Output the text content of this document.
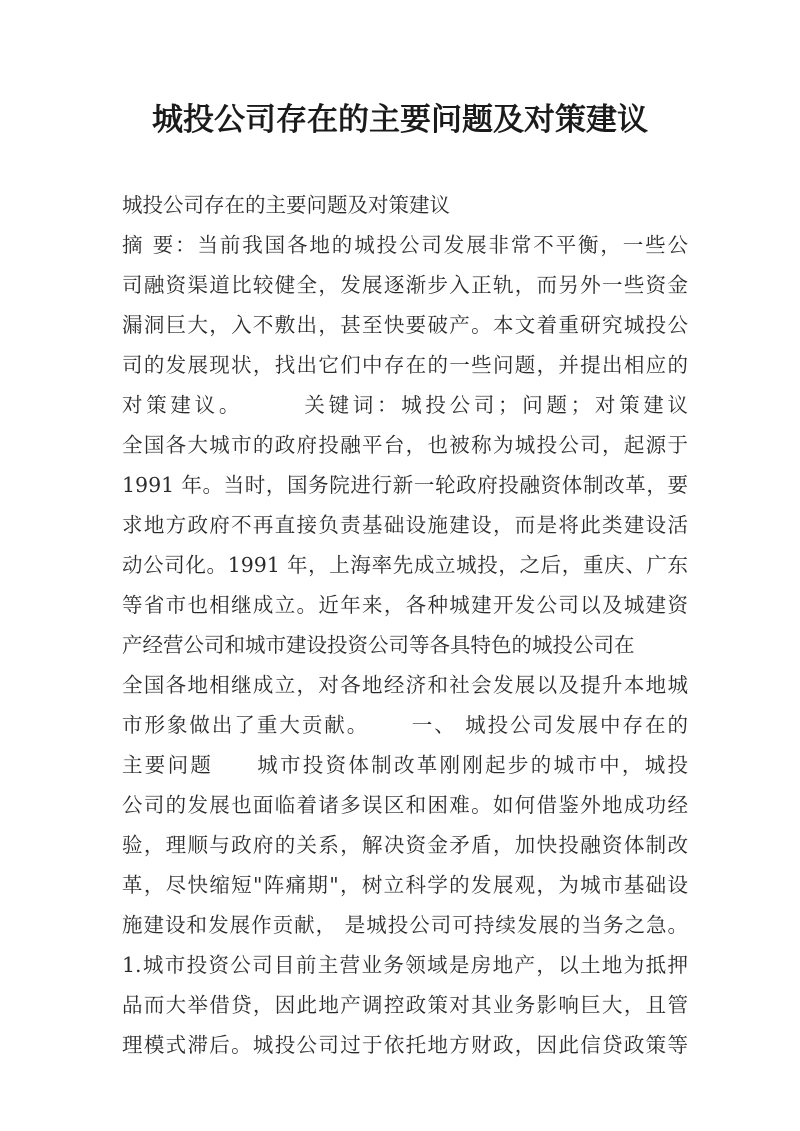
城投公司存在的主要问题及对策建议
城投公司存在的主要问题及对策建议
摘 要：当前我国各地的城投公司发展非常不平衡，一些公
司融资渠道比较健全，发展逐渐步入正轨，而另外一些资金
漏洞巨大，入不敷出，甚至快要破产。本文着重研究城投公
司的发展现状，找出它们中存在的一些问题，并提出相应的
对策建议。      关键词：城投公司；问题；对策建议
全国各大城市的政府投融平台，也被称为城投公司，起源于
1991 年。当时，国务院进行新一轮政府投融资体制改革，要
求地方政府不再直接负责基础设施建设，而是将此类建设活
动公司化。1991 年，上海率先成立城投，之后，重庆、广东
等省市也相继成立。近年来，各种城建开发公司以及城建资
产经营公司和城市建设投资公司等各具特色的城投公司在
全国各地相继成立，对各地经济和社会发展以及提升本地城
市形象做出了重大贡献。     一、 城投公司发展中存在的
主要问题     城市投资体制改革刚刚起步的城市中，城投
公司的发展也面临着诸多误区和困难。如何借鉴外地成功经
验，理顺与政府的关系，解决资金矛盾，加快投融资体制改
革，尽快缩短"阵痛期"，树立科学的发展观，为城市基础设
施建设和发展作贡献， 是城投公司可持续发展的当务之急。
1.城市投资公司目前主营业务领域是房地产，以土地为抵押
品而大举借贷，因此地产调控政策对其业务影响巨大，且管
理模式滞后。城投公司过于依托地方财政，因此信贷政策等
